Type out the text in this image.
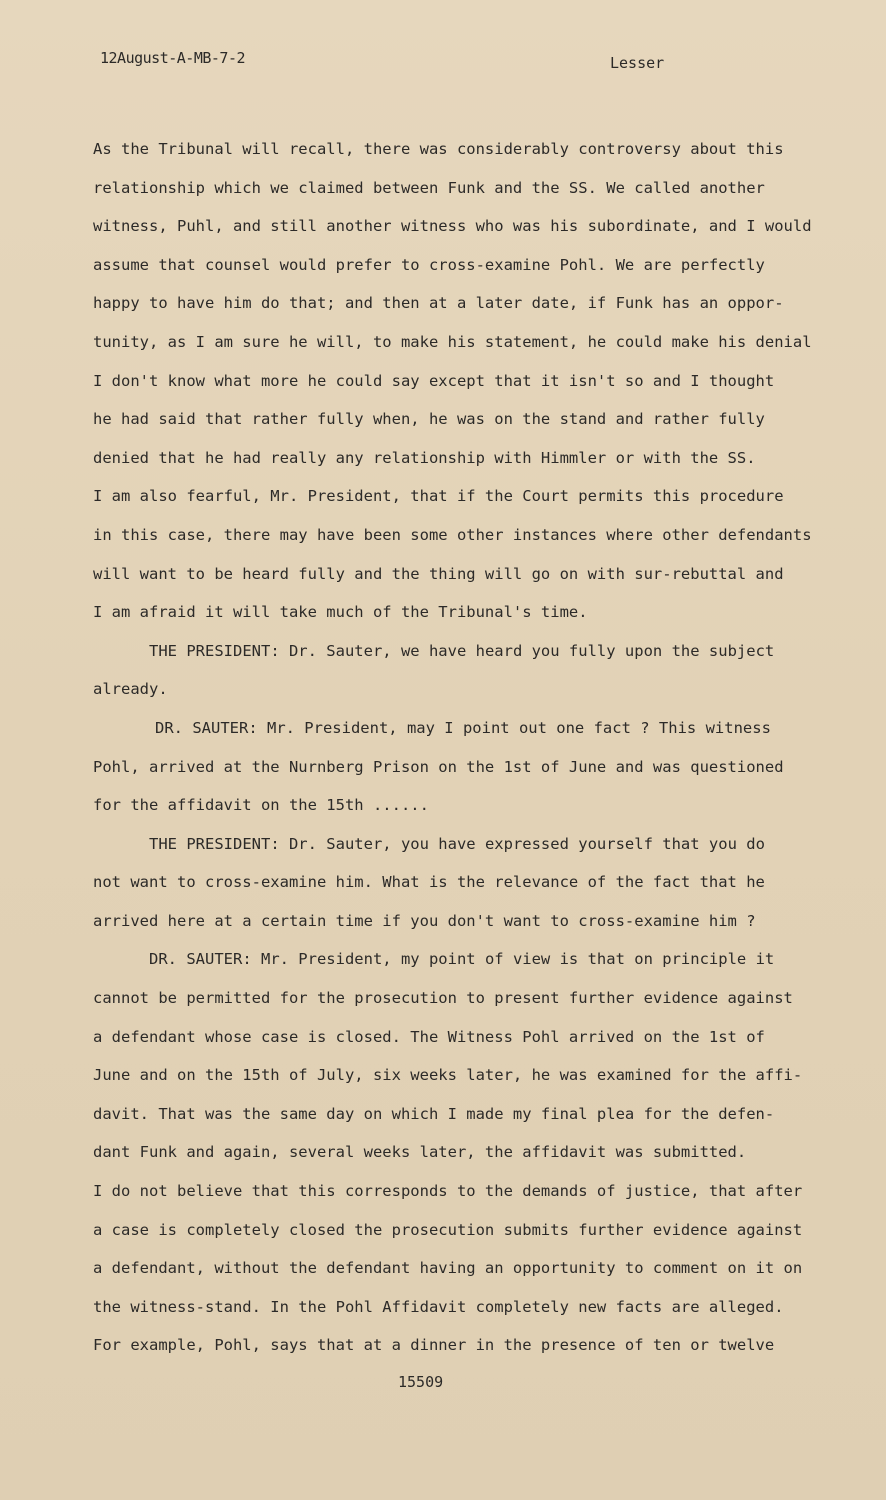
12August-A-MB-7-2	Lesser
As the Tribunal will recall, there was considerably controversy about this
relationship which we claimed between Funk and the SS. We called another
witness, Puhl, and still another witness who was his subordinate, and I would
assume that counsel would prefer to cross-examine Pohl. We are perfectly
happy to have him do that; and then at a later date, if Funk has an oppor-
tunity, as I am sure he will, to make his statement, he could make his denial
I don't know what more he could say except that it isn't so and I thought
he had said that rather fully when, he was on the stand and rather fully
denied that he had really any relationship with Himmler or with the SS.
I am also fearful, Mr. President, that if the Court permits this procedure
in this case, there may have been some other instances where other defendants
will want to be heard fully and the thing will go on with sur-rebuttal and
I am afraid it will take much of the Tribunal's time.
THE PRESIDENT: Dr. Sauter, we have heard you fully upon the subject
already.
DR. SAUTER: Mr. President, may I point out one fact ? This witness
Pohl, arrived at the Nurnberg Prison on the 1st of June and was questioned
for the affidavit on the 15th ......
THE PRESIDENT: Dr. Sauter, you have expressed yourself that you do
not want to cross-examine him. What is the relevance of the fact that he
arrived here at a certain time if you don't want to cross-examine him ?
DR. SAUTER: Mr. President, my point of view is that on principle it
cannot be permitted for the prosecution to present further evidence against
a defendant whose case is closed. The Witness Pohl arrived on the 1st of
June and on the 15th of July, six weeks later, he was examined for the affi-
davit. That was the same day on which I made my final plea for the defen-
dant Funk and again, several weeks later, the affidavit was submitted.
I do not believe that this corresponds to the demands of justice, that after
a case is completely closed the prosecution submits further evidence against
a defendant, without the defendant having an opportunity to comment on it on
the witness-stand. In the Pohl Affidavit completely new facts are alleged.
For example, Pohl, says that at a dinner in the presence of ten or twelve
15509
